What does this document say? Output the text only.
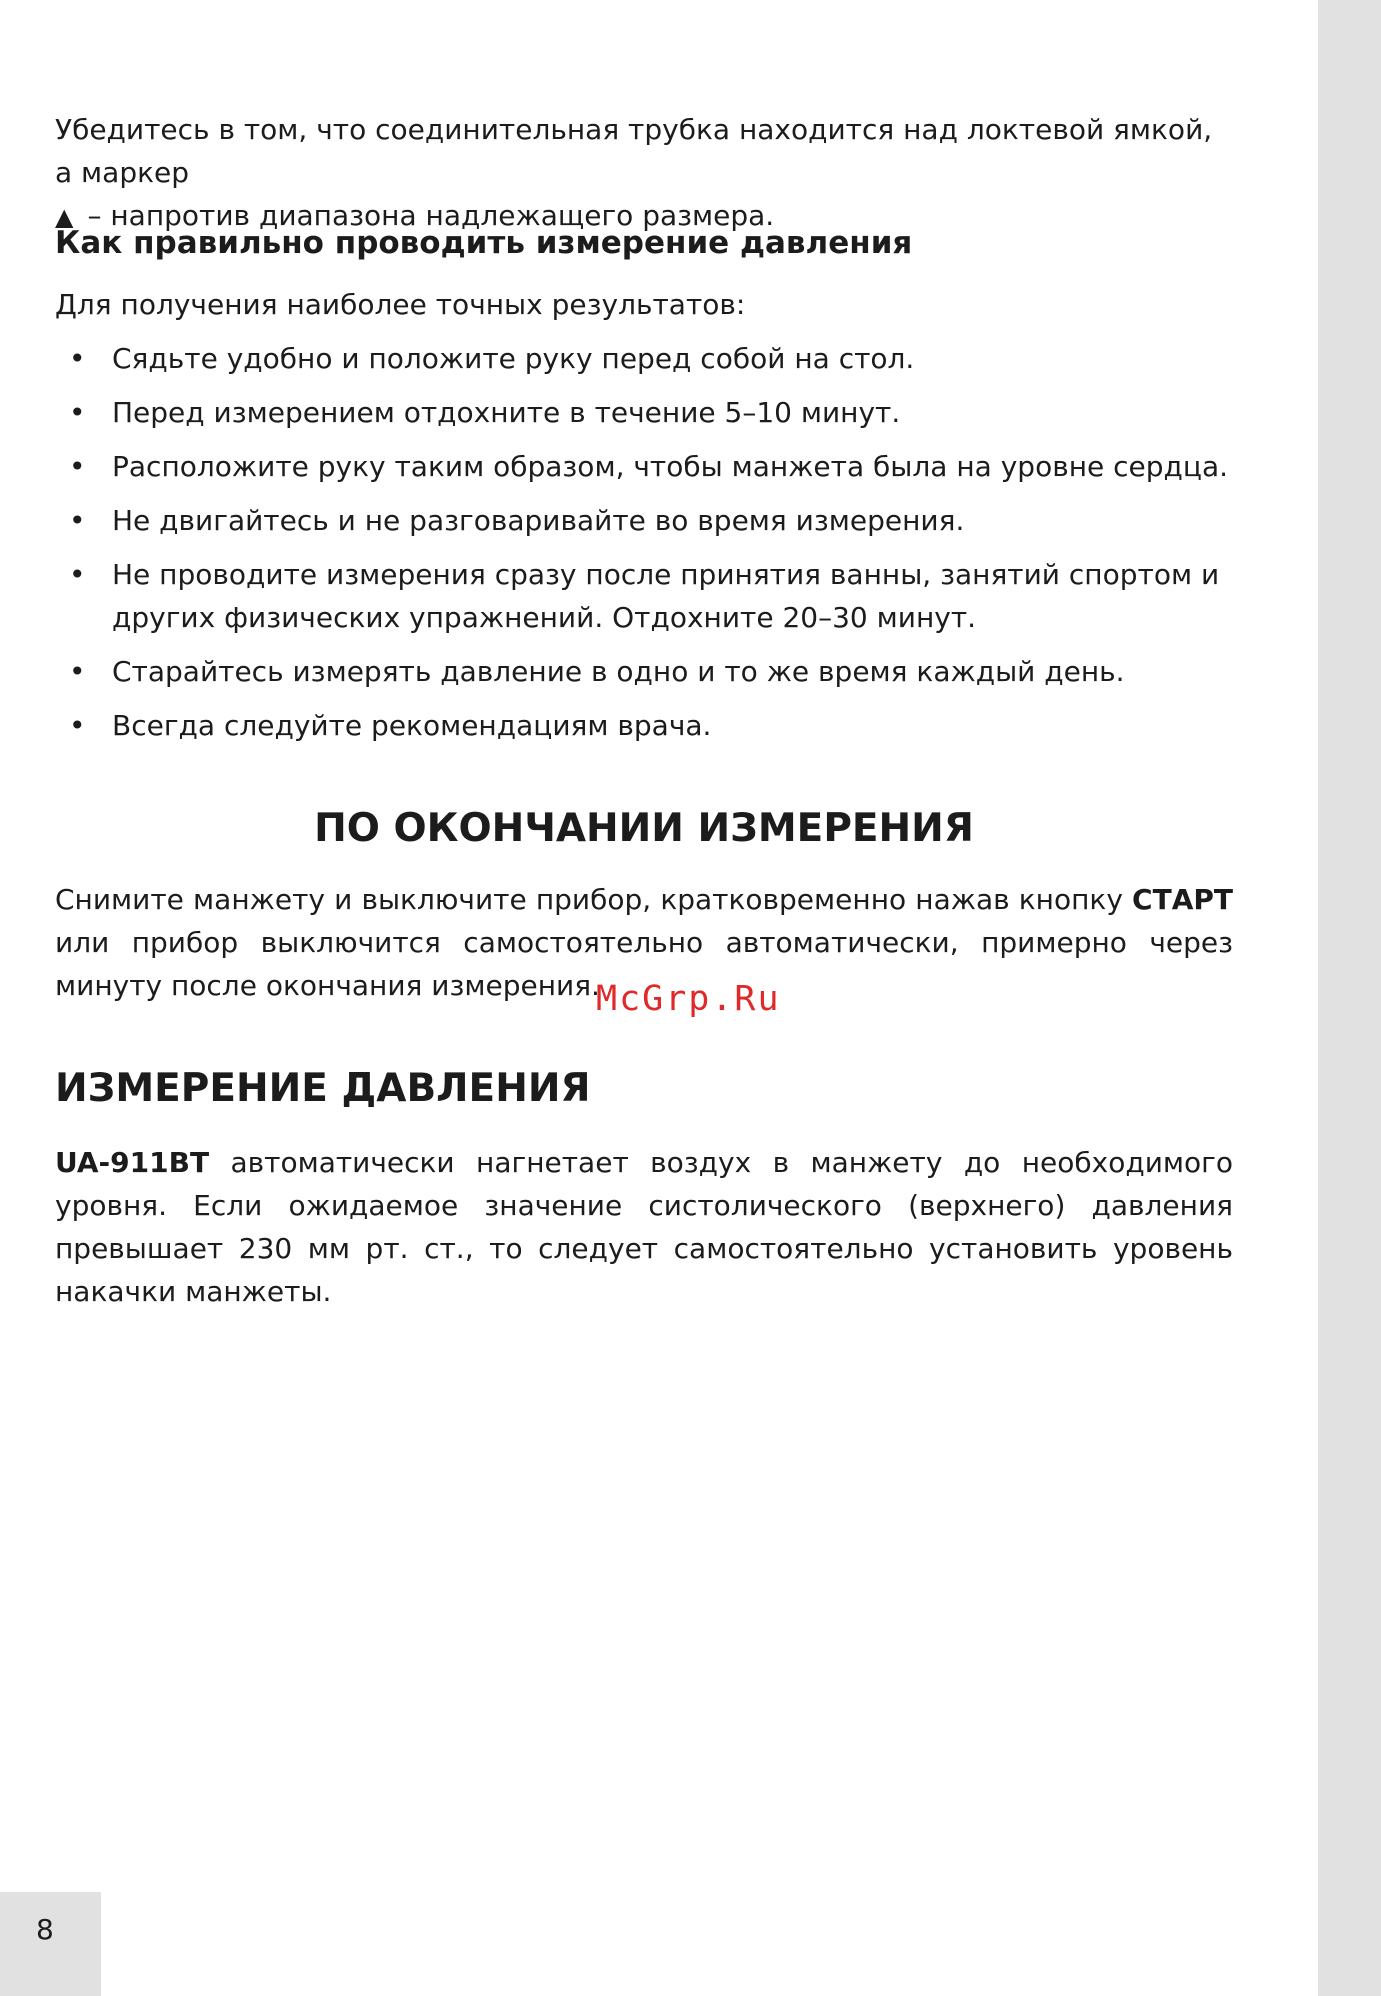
Убедитесь в том, что соединительная трубка находится над локтевой ямкой, а маркер
▲ – напротив диапазона надлежащего размера.

Как правильно проводить измерение давления

Для получения наиболее точных результатов:

• Сядьте удобно и положите руку перед собой на стол.
• Перед измерением отдохните в течение 5–10 минут.
• Расположите руку таким образом, чтобы манжета была на уровне сердца.
• Не двигайтесь и не разговаривайте во время измерения.
• Не проводите измерения сразу после принятия ванны, занятий спортом и других физических упражнений. Отдохните 20–30 минут.
• Старайтесь измерять давление в одно и то же время каждый день.
• Всегда следуйте рекомендациям врача.
ПО ОКОНЧАНИИ ИЗМЕРЕНИЯ

Снимите манжету и выключите прибор, кратковременно нажав кнопку СТАРТ или прибор выключится самостоятельно автоматически, примерно через минуту после окончания измерения.

McGrp.Ru
ИЗМЕРЕНИЕ ДАВЛЕНИЯ

UA-911BT автоматически нагнетает воздух в манжету до необходимого уровня. Если ожидаемое значение систолического (верхнего) давления превышает 230 мм рт. ст., то следует самостоятельно установить уровень накачки манжеты.

8
